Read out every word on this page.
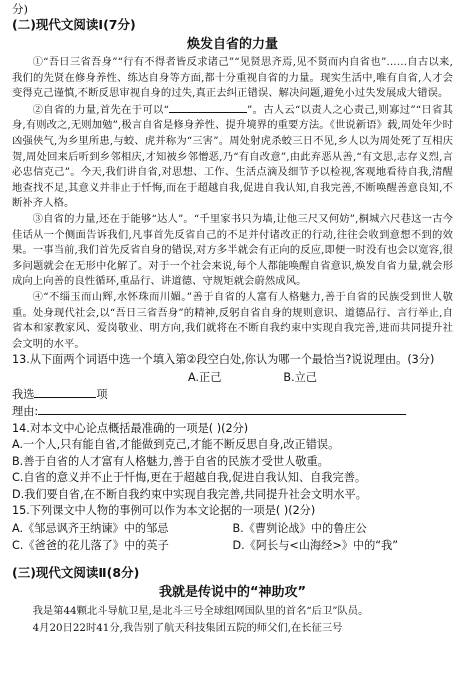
分)
(二)现代文阅读Ⅰ(7分)
焕发自省的力量

①“吾日三省吾身”“行有不得者皆反求诸己”“见贤思齐焉,见不贤而内自省也”……自古以来,我们的先贤在修身养性、练达自身等方面,都十分重视自省的力量。现实生活中,唯有自省,人才会变得克己谨慎,不断反思审视自身的过失,真正去纠正错误、解决问题,避免小过失发展成大错误。

②自省的力量,首先在于可以“	”。古人云“以责人之心责己,则寡过”“日省其身,有则改之,无则加勉”,极言自省是修身养性、提升境界的重要方法。《世说新语》载,周处年少时凶强侠气,为乡里所患,与蛟、虎并称为“三害”。周处射虎杀蛟三日不见,乡人以为周处死了互相庆贺,周处回来后听到乡邻相庆,才知被乡邻憎恶,乃“有自改意”,由此弃恶从善,“有文思,志存义烈,言必忠信克己”。今天,我们讲自省,对思想、工作、生活点滴及细节予以检视,客观地看待自我,清醒地查找不足,其意义并非止于忏悔,而在于超越自我,促进自我认知,自我完善,不断唤醒善意良知,不断补齐人格。

③自省的力量,还在于能够“达人”。“千里家书只为墙,让他三尺又何妨”,桐城六尺巷这一古今佳话从一个侧面告诉我们,凡事首先反省自己的不足并付诸改正的行动,往往会收到意想不到的效果。一事当前,我们首先反省自身的错误,对方多半就会有正向的反应,即便一时没有也会以宽容,很多问题就会在无形中化解了。对于一个社会来说,每个人都能唤醒自省意识,焕发自省力量,就会形成向上向善的良性循环,重品行、讲道德、守规矩就会蔚然成风。

④“不缁玉而山辉,水怀珠而川媚。”善于自省的人富有人格魅力,善于自省的民族受到世人敬重。处身现代社会,以“吾日三省吾身”的精神,反躬自省自身的规则意识、道德品行、言行举止,自省本和家教家风、爱岗敬业、明方向,我们就将在不断自我约束中实现自我完善,进而共同提升社会文明的水平。

13.从下面两个词语中选一个填入第②段空白处,你认为哪一个最恰当?说说理由。(3分)

A.正己	B.立己

我选	项

理由:

14.对本文中心论点概括最准确的一项是( )(2分)

A.一个人,只有能自省,才能做到克己,才能不断反思自身,改正错误。

B.善于自省的人才富有人格魅力,善于自省的民族才受世人敬重。

C.自省的意义并不止于忏悔,更在于超越自我,促进自我认知、自我完善。

D.我们要自省,在不断自我约束中实现自我完善,共同提升社会文明水平。

15.下列课文中人物的事例可以作为本文论据的一项是( )(2分)

A.《邹忌讽齐王纳谏》中的邹忌	B.《曹刿论战》中的鲁庄公
C.《爸爸的花儿落了》中的英子	D.《阿长与<山海经>》中的“我”
(三)现代文阅读Ⅱ(8分)
我就是传说中的“神助攻”

我是第44颗北斗导航卫星,是北斗三号全球组网国队里的首名“后卫”队员。

4月20日22时41分,我告别了航天科技集团五院的师父们,在长征三号
